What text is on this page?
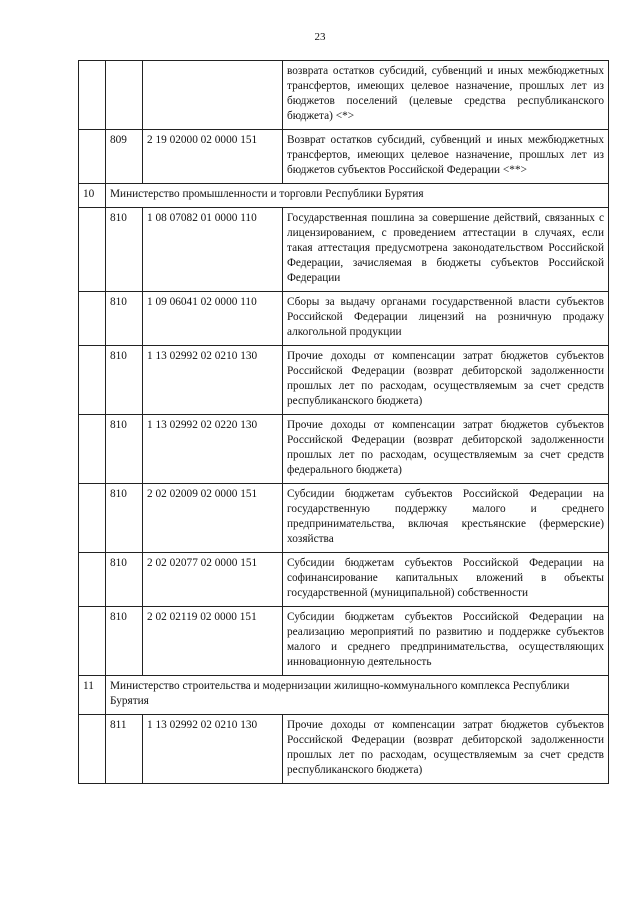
23
			возврата остатков субсидий, субвенций и иных межбюджетных трансфертов, имеющих целевое назначение, прошлых лет из бюджетов поселений (целевые средства республиканского бюджета) <*>
	809	2 19 02000 02 0000 151	Возврат остатков субсидий, субвенций и иных межбюджетных трансфертов, имеющих целевое назначение, прошлых лет из бюджетов субъектов Российской Федерации <**>
10	Министерство промышленности и торговли Республики Бурятия		
	810	1 08 07082 01 0000 110	Государственная пошлина за совершение действий, связанных с лицензированием, с проведением аттестации в случаях, если такая аттестация предусмотрена законодательством Российской Федерации, зачисляемая в бюджеты субъектов Российской Федерации
	810	1 09 06041 02 0000 110	Сборы за выдачу органами государственной власти субъектов Российской Федерации лицензий на розничную продажу алкогольной продукции
	810	1 13 02992 02 0210 130	Прочие доходы от компенсации затрат бюджетов субъектов Российской Федерации (возврат дебиторской задолженности прошлых лет по расходам, осуществляемым за счет средств республиканского бюджета)
	810	1 13 02992 02 0220 130	Прочие доходы от компенсации затрат бюджетов субъектов Российской Федерации (возврат дебиторской задолженности прошлых лет по расходам, осуществляемым за счет средств федерального бюджета)
	810	2 02 02009 02 0000 151	Субсидии бюджетам субъектов Российской Федерации на государственную поддержку малого и среднего предпринимательства, включая крестьянские (фермерские) хозяйства
	810	2 02 02077 02 0000 151	Субсидии бюджетам субъектов Российской Федерации на софинансирование капитальных вложений в объекты государственной (муниципальной) собственности
	810	2 02 02119 02 0000 151	Субсидии бюджетам субъектов Российской Федерации на реализацию мероприятий по развитию и поддержке субъектов малого и среднего предпринимательства, осуществляющих инновационную деятельность
11	Министерство строительства и модернизации жилищно-коммунального комплекса Республики Бурятия		
	811	1 13 02992 02 0210 130	Прочие доходы от компенсации затрат бюджетов субъектов Российской Федерации (возврат дебиторской задолженности прошлых лет по расходам, осуществляемым за счет средств республиканского бюджета)
